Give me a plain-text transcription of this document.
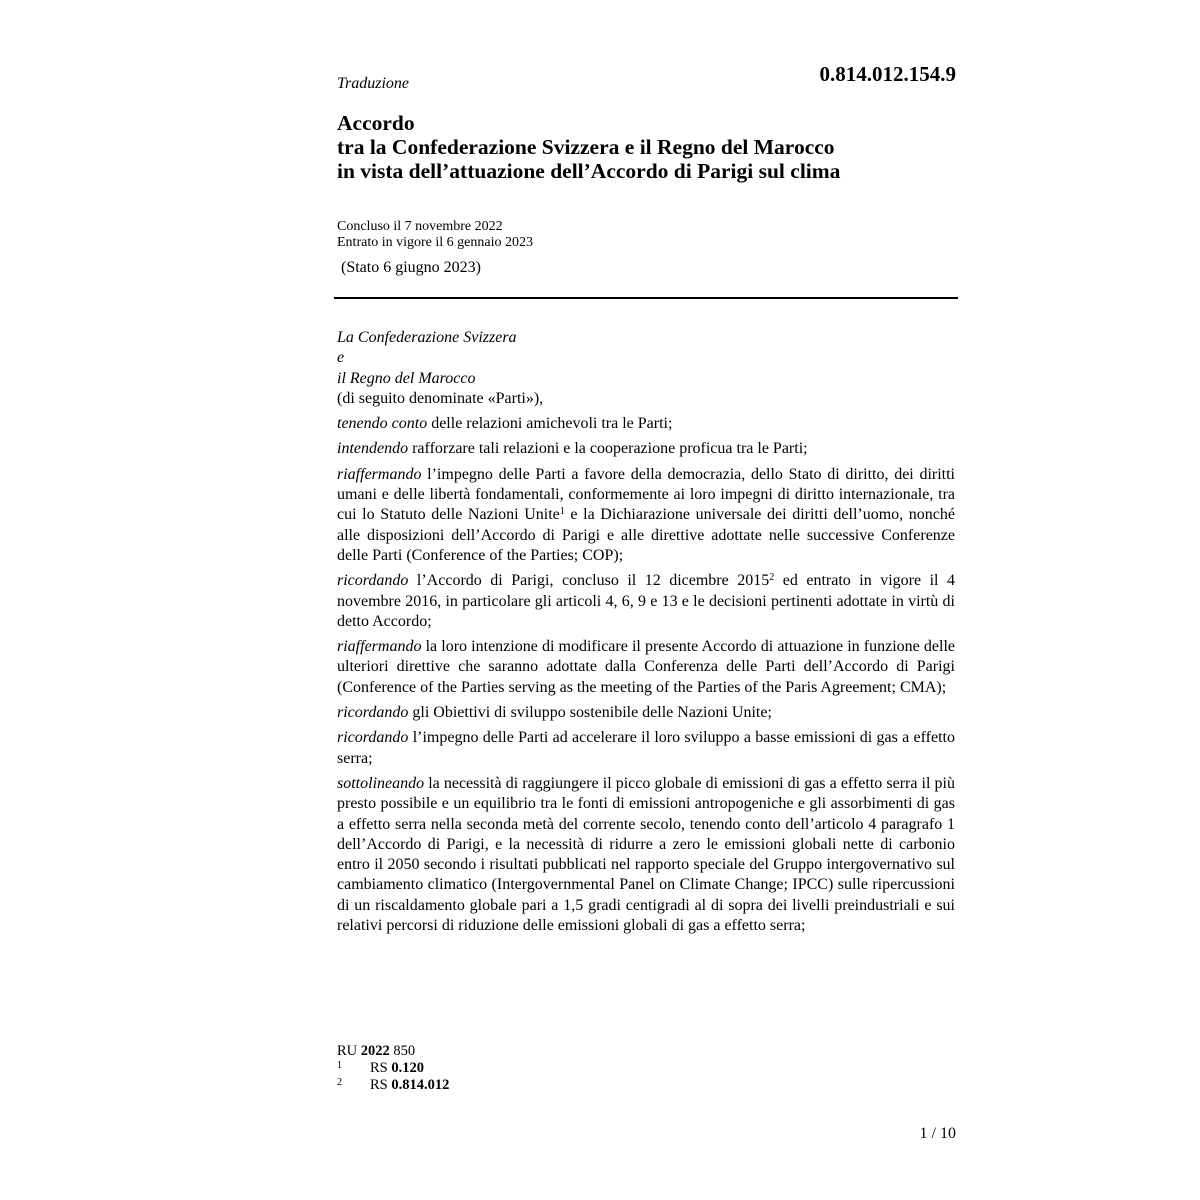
0.814.012.154.9
Traduzione
Accordo
tra la Confederazione Svizzera e il Regno del Marocco
in vista dell’attuazione dell’Accordo di Parigi sul clima
Concluso il 7 novembre 2022
Entrato in vigore il 6 gennaio 2023
(Stato 6 giugno 2023)
La Confederazione Svizzera
e
il Regno del Marocco
(di seguito denominate «Parti»),

tenendo conto delle relazioni amichevoli tra le Parti;

intendendo rafforzare tali relazioni e la cooperazione proficua tra le Parti;

riaffermando l’impegno delle Parti a favore della democrazia, dello Stato di diritto, dei diritti umani e delle libertà fondamentali, conformemente ai loro impegni di diritto internazionale, tra cui lo Statuto delle Nazioni Unite$^1$ e la Dichiarazione universale dei diritti dell’uomo, nonché alle disposizioni dell’Accordo di Parigi e alle direttive adottate nelle successive Conferenze delle Parti (Conference of the Parties; COP);

ricordando l’Accordo di Parigi, concluso il 12 dicembre 2015$^2$ ed entrato in vigore il 4 novembre 2016, in particolare gli articoli 4, 6, 9 e 13 e le decisioni pertinenti adottate in virtù di detto Accordo;

riaffermando la loro intenzione di modificare il presente Accordo di attuazione in funzione delle ulteriori direttive che saranno adottate dalla Conferenza delle Parti dell’Accordo di Parigi (Conference of the Parties serving as the meeting of the Parties of the Paris Agreement; CMA);

ricordando gli Obiettivi di sviluppo sostenibile delle Nazioni Unite;

ricordando l’impegno delle Parti ad accelerare il loro sviluppo a basse emissioni di gas a effetto serra;

sottolineando la necessità di raggiungere il picco globale di emissioni di gas a effetto serra il più presto possibile e un equilibrio tra le fonti di emissioni antropogeniche e gli assorbimenti di gas a effetto serra nella seconda metà del corrente secolo, tenendo conto dell’articolo 4 paragrafo 1 dell’Accordo di Parigi, e la necessità di ridurre a zero le emissioni globali nette di carbonio entro il 2050 secondo i risultati pubblicati nel rapporto speciale del Gruppo intergovernativo sul cambiamento climatico (Intergovernmental Panel on Climate Change; IPCC) sulle ripercussioni di un riscaldamento globale pari a 1,5 gradi centigradi al di sopra dei livelli preindustriali e sui relativi percorsi di riduzione delle emissioni globali di gas a effetto serra;

RU 2022 850
1	RS 0.120
2	RS 0.814.012
1 / 10
